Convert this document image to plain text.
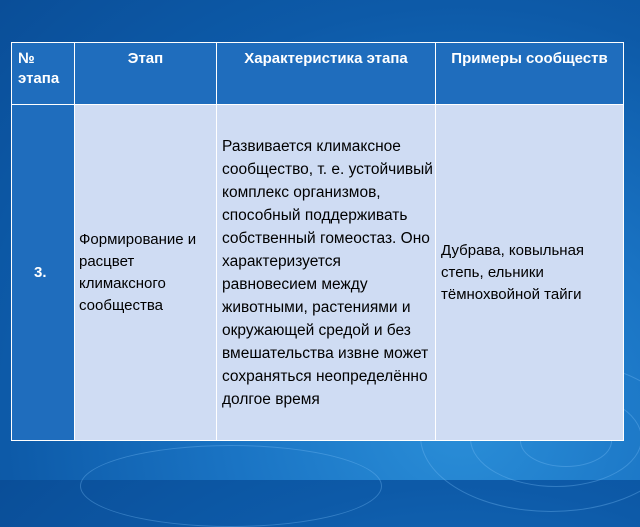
№ этапа	Этап	Характеристика этапа	Примеры сообществ
3.	Формирование и расцвет климаксного сообщества	Развивается климаксное сообщество, т. е. устойчивый комплекс организмов, способный поддерживать собственный гомеостаз. Оно характеризуется равновесием между животными, растениями и окружающей средой и без вмешательства извне может сохраняться неопределённо долгое время	Дубрава, ковыльная степь, ельники тёмнохвойной тайги
